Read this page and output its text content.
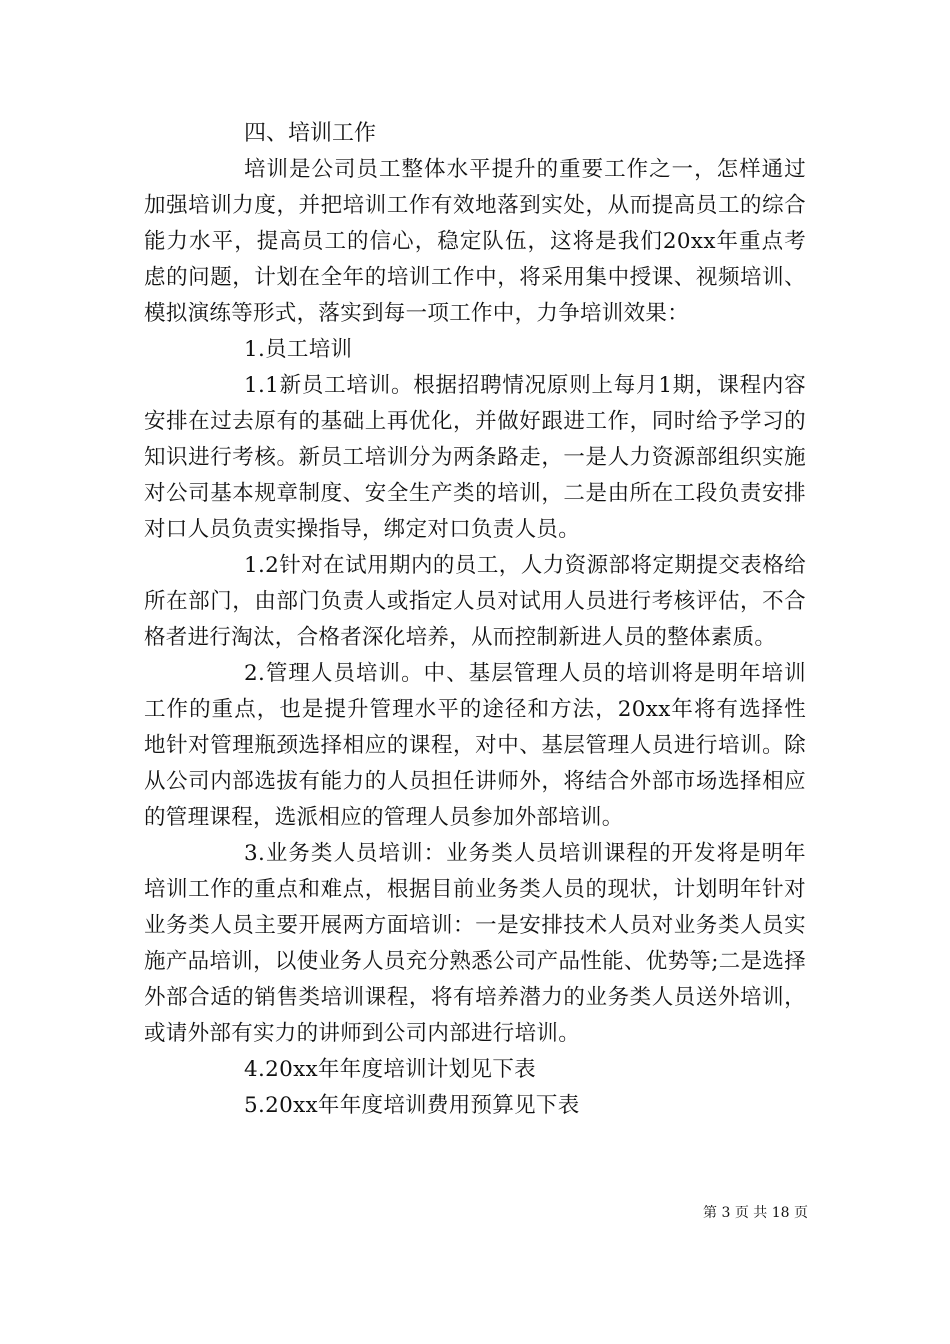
四、培训工作

培训是公司员工整体水平提升的重要工作之一，怎样通过加强培训力度，并把培训工作有效地落到实处，从而提高员工的综合能力水平，提高员工的信心，稳定队伍，这将是我们20xx年重点考虑的问题，计划在全年的培训工作中，将采用集中授课、视频培训、模拟演练等形式，落实到每一项工作中，力争培训效果：

1.员工培训

1.1新员工培训。根据招聘情况原则上每月1期，课程内容安排在过去原有的基础上再优化，并做好跟进工作，同时给予学习的知识进行考核。新员工培训分为两条路走，一是人力资源部组织实施对公司基本规章制度、安全生产类的培训，二是由所在工段负责安排对口人员负责实操指导，绑定对口负责人员。

1.2针对在试用期内的员工，人力资源部将定期提交表格给所在部门，由部门负责人或指定人员对试用人员进行考核评估，不合格者进行淘汰，合格者深化培养，从而控制新进人员的整体素质。

2.管理人员培训。中、基层管理人员的培训将是明年培训工作的重点，也是提升管理水平的途径和方法，20xx年将有选择性地针对管理瓶颈选择相应的课程，对中、基层管理人员进行培训。除从公司内部选拔有能力的人员担任讲师外，将结合外部市场选择相应的管理课程，选派相应的管理人员参加外部培训。

3.业务类人员培训：业务类人员培训课程的开发将是明年培训工作的重点和难点，根据目前业务类人员的现状，计划明年针对业务类人员主要开展两方面培训：一是安排技术人员对业务类人员实施产品培训，以使业务人员充分熟悉公司产品性能、优势等;二是选择外部合适的销售类培训课程，将有培养潜力的业务类人员送外培训，或请外部有实力的讲师到公司内部进行培训。

4.20xx年年度培训计划见下表

5.20xx年年度培训费用预算见下表

第 3 页 共 18 页
